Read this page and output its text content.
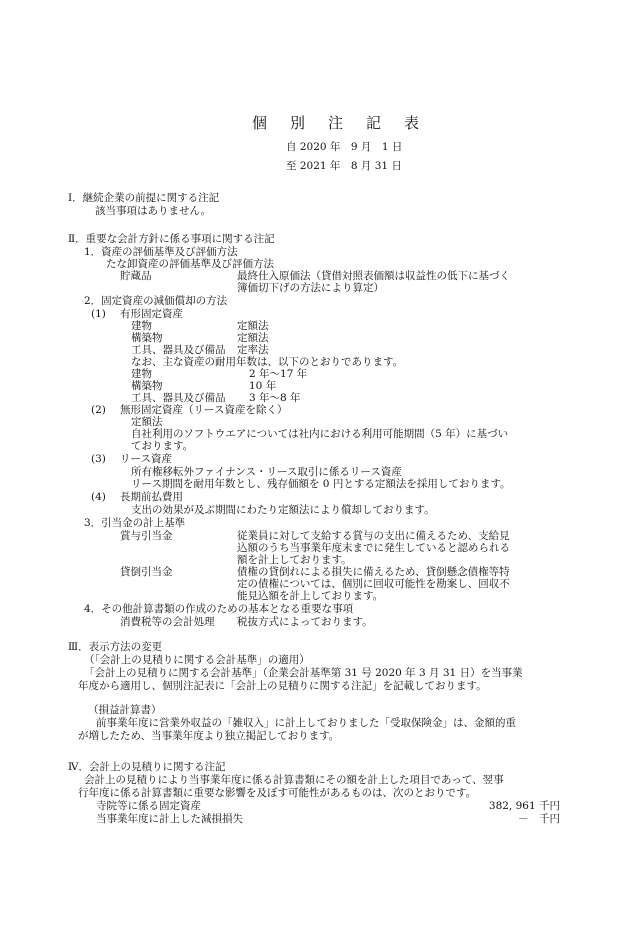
個 別 注 記 表
自 2020 年　9 月　1 日
至 2021 年　8 月 31 日
Ⅰ．継続企業の前提に関する注記
該当事項はありません。
Ⅱ．重要な会計方針に係る事項に関する注記
1．資産の評価基準及び評価方法
たな卸資産の評価基準及び評価方法
貯蔵品	最終仕入原価法（貸借対照表価額は収益性の低下に基づく
簿価切下げの方法により算定）
2．固定資産の減価償却の方法
(1) 有形固定資産
建物	定額法
構築物	定額法
工具、器具及び備品 定率法
なお、主な資産の耐用年数は、以下のとおりであります。
建物	2 年～17 年
構築物	10 年
工具、器具及び備品 3 年～8 年
(2) 無形固定資産（リース資産を除く）
定額法
自社利用のソフトウエアについては社内における利用可能期間（5 年）に基づい
ております。
(3) リース資産
所有権移転外ファイナンス・リース取引に係るリース資産
リース期間を耐用年数とし、残存価額を 0 円とする定額法を採用しております。
(4) 長期前払費用
支出の効果が及ぶ期間にわたり定額法により償却しております。
3．引当金の計上基準
賞与引当金	従業員に対して支給する賞与の支出に備えるため、支給見
込額のうち当事業年度末までに発生していると認められる
額を計上しております。
貸倒引当金	債権の貸倒れによる損失に備えるため、貸倒懸念債権等特
定の債権については、個別に回収可能性を勘案し、回収不
能見込額を計上しております。
4．その他計算書類の作成のための基本となる重要な事項
消費税等の会計処理 税抜方式によっております。
Ⅲ．表示方法の変更
（「会計上の見積りに関する会計基準」の適用）
「会計上の見積りに関する会計基準」（企業会計基準第 31 号 2020 年 3 月 31 日）を当事業
年度から適用し、個別注記表に「会計上の見積りに関する注記」を記載しております。
（損益計算書）
前事業年度に営業外収益の「雑収入」に計上しておりました「受取保険金」は、金額的重
が増したため、当事業年度より独立掲記しております。
Ⅳ．会計上の見積りに関する注記
会計上の見積りにより当事業年度に係る計算書類にその額を計上した項目であって、翌事
行年度に係る計算書類に重要な影響を及ぼす可能性があるものは、次のとおりです。
寺院等に係る固定資産	382, 961 千円
当事業年度に計上した減損損失	－　千円
